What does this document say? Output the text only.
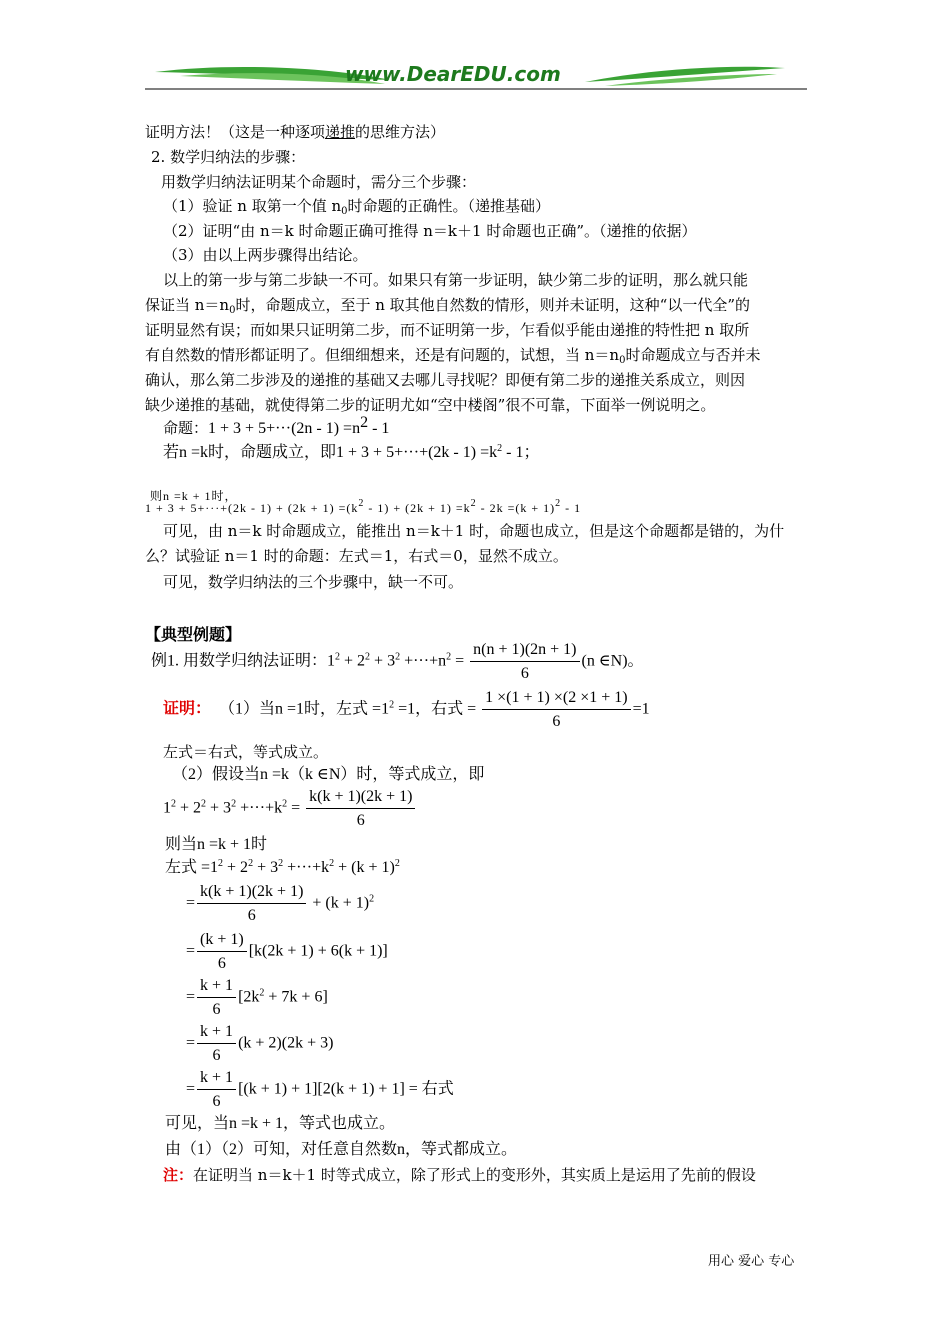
www.DearEDU.com
证明方法！（这是一种逐项递推的思维方法）
2. 数学归纳法的步骤：
用数学归纳法证明某个命题时，需分三个步骤：
（1）验证 n 取第一个值 $n_0$时命题的正确性。（递推基础）
（2）证明“由 n＝k 时命题正确可推得 n＝k＋1 时命题也正确”。（递推的依据）
（3）由以上两步骤得出结论。
以上的第一步与第二步缺一不可。如果只有第一步证明，缺少第二步的证明，那么就只能
保证当 $n=n_0$时，命题成立，至于 n 取其他自然数的情形，则并未证明，这种“以一代全”的
证明显然有误；而如果只证明第二步，而不证明第一步，乍看似乎能由递推的特性把 n 取所
有自然数的情形都证明了。但细细想来，还是有问题的，试想，当 $n=n_0$时命题成立与否并未
确认，那么第二步涉及的递推的基础又去哪儿寻找呢？即便有第二步的递推关系成立，则因
缺少递推的基础，就使得第二步的证明尤如“空中楼阁”很不可靠，下面举一例说明之。
命题：$1 + 3 + 5+\cdot\cdot\cdot(2n - 1) =n^2 - 1$
若n =k时，命题成立，即$1 + 3 + 5+\cdot\cdot\cdot+(2k - 1) =k^2 - 1$；
则n =k + 1时，
$1 + 3 + 5+\cdot\cdot\cdot+(2k - 1) + (2k + 1) =(k^2 - 1) + (2k + 1) =k^2 - 2k =(k + 1)^2 - 1$
可见，由 n＝k 时命题成立，能推出 n＝k＋1 时，命题也成立，但是这个命题都是错的，为什
么？试验证 n＝1 时的命题：左式＝1，右式＝0，显然不成立。
可见，数学归纳法的三个步骤中，缺一不可。
【典型例题】
例1. 用数学归纳法证明：$1^2 + 2^2 + 3^2 +\cdot\cdot\cdot+n^2 = \frac{n(n + 1)(2n + 1)}{6} (n$ ∈N)。
证明： （1）当n =1时，左式 $=1^2 =1$，右式 = $\frac{1 \times(1 + 1) \times(2 \times 1 + 1)}{6} =1$
左式＝右式，等式成立。
（2）假设当n =k（k ∈N）时，等式成立，即
$1^2 + 2^2 + 3^2 +\cdot\cdot\cdot+k^2 = \frac{k(k + 1)(2k + 1)}{6}$
则当n =k + 1时
左式 $=1^2 + 2^2 + 3^2 +\cdot\cdot\cdot+k^2 + (k + 1)^2$
= $\frac{k(k + 1)(2k + 1)}{6} + (k + 1)^2$
= $\frac{(k + 1)}{6} [k(2k + 1) + 6(k + 1)]$
= $\frac{k + 1}{6} [2k^2 + 7k + 6]$
= $\frac{k + 1}{6} (k + 2)(2k + 3)$
= $\frac{k + 1}{6} [(k + 1) + 1][2(k + 1) + 1]$ = 右式
可见，当n =k + 1，等式也成立。
由（1）（2）可知，对任意自然数n，等式都成立。
注：在证明当 n＝k＋1 时等式成立，除了形式上的变形外，其实质上是运用了先前的假设
用心 爱心 专心
